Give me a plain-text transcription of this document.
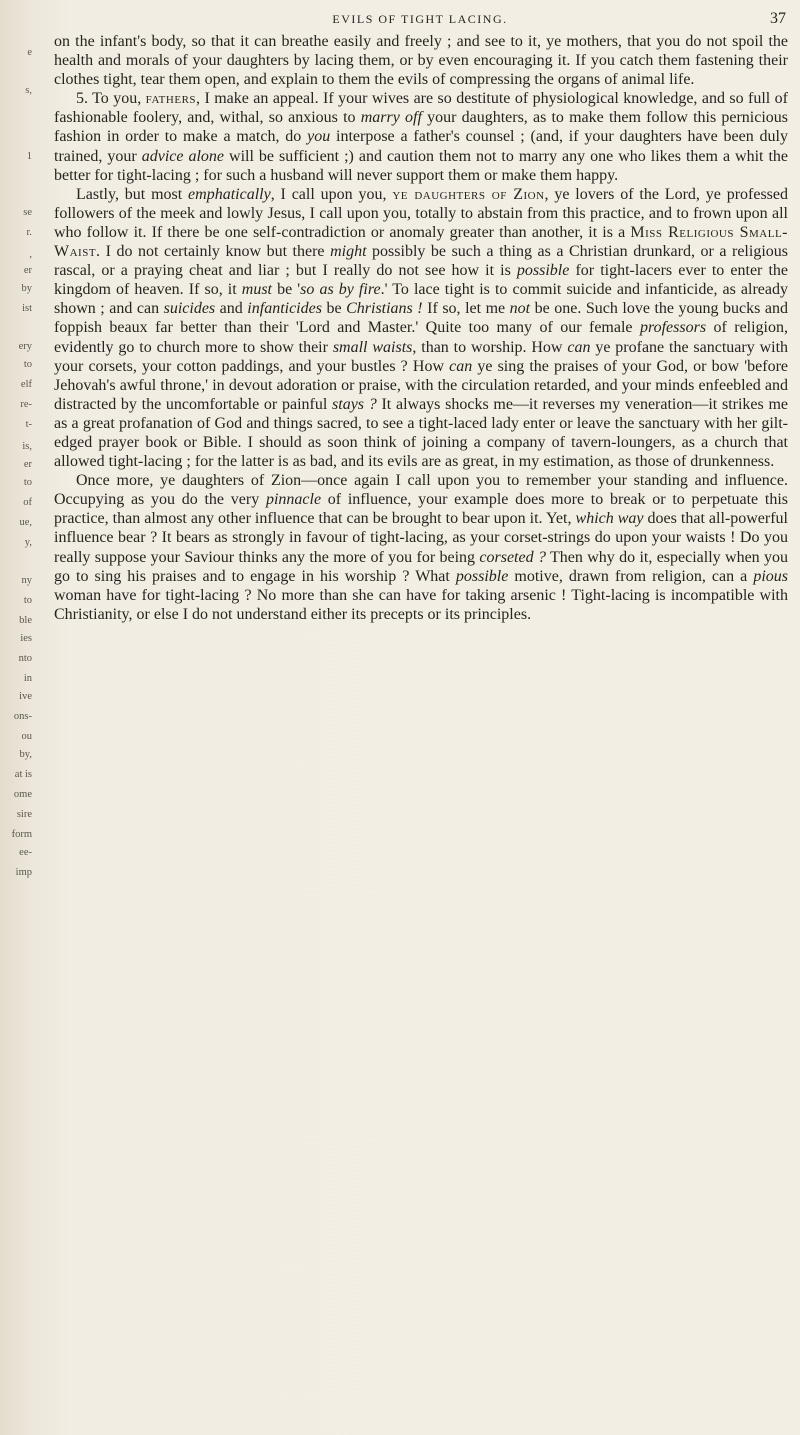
e
s,
1
se
r.
,
er
by
ist
ery
to
elf
re-
t-
is,
er
to
of
ue,
y,
ny
to
ble
ies
nto
in
ive
ons-
ou
by,
at is
ome
sire
form
ee-
imp
EVILS OF TIGHT LACING.	37

on the infant's body, so that it can breathe easily and freely ; and see to it, ye mothers, that you do not spoil the health and morals of your daughters by lacing them, or by even encouraging it. If you catch them fastening their clothes tight, tear them open, and explain to them the evils of compressing the organs of animal life.

5. To you, fathers, I make an appeal. If your wives are so destitute of physiological knowledge, and so full of fashionable foolery, and, withal, so anxious to marry off your daughters, as to make them follow this pernicious fashion in order to make a match, do you interpose a father's counsel ; (and, if your daughters have been duly trained, your advice alone will be sufficient ;) and caution them not to marry any one who likes them a whit the better for tight-lacing ; for such a husband will never support them or make them happy.

Lastly, but most emphatically, I call upon you, ye daughters of Zion, ye lovers of the Lord, ye professed followers of the meek and lowly Jesus, I call upon you, totally to abstain from this practice, and to frown upon all who follow it. If there be one self-contradiction or anomaly greater than another, it is a Miss Religious Small-Waist. I do not certainly know but there might possibly be such a thing as a Christian drunkard, or a religious rascal, or a praying cheat and liar ; but I really do not see how it is possible for tight-lacers ever to enter the kingdom of heaven. If so, it must be 'so as by fire.' To lace tight is to commit suicide and infanticide, as already shown ; and can suicides and infanticides be Christians ! If so, let me not be one. Such love the young bucks and foppish beaux far better than their 'Lord and Master.' Quite too many of our female professors of religion, evidently go to church more to show their small waists, than to worship. How can ye profane the sanctuary with your corsets, your cotton paddings, and your bustles ? How can ye sing the praises of your God, or bow 'before Jehovah's awful throne,' in devout adoration or praise, with the circulation retarded, and your minds enfeebled and distracted by the uncomfortable or painful stays ? It always shocks me—it reverses my veneration—it strikes me as a great profanation of God and things sacred, to see a tight-laced lady enter or leave the sanctuary with her gilt-edged prayer book or Bible. I should as soon think of joining a company of tavern-loungers, as a church that allowed tight-lacing ; for the latter is as bad, and its evils are as great, in my estimation, as those of drunkenness.

Once more, ye daughters of Zion—once again I call upon you to remember your standing and influence. Occupying as you do the very pinnacle of influence, your example does more to break or to perpetuate this practice, than almost any other influence that can be brought to bear upon it. Yet, which way does that all-powerful influence bear ? It bears as strongly in favour of tight-lacing, as your corset-strings do upon your waists ! Do you really suppose your Saviour thinks any the more of you for being corseted ? Then why do it, especially when you go to sing his praises and to engage in his worship ? What possible motive, drawn from religion, can a pious woman have for tight-lacing ? No more than she can have for taking arsenic ! Tight-lacing is incompatible with Christianity, or else I do not understand either its precepts or its principles.
